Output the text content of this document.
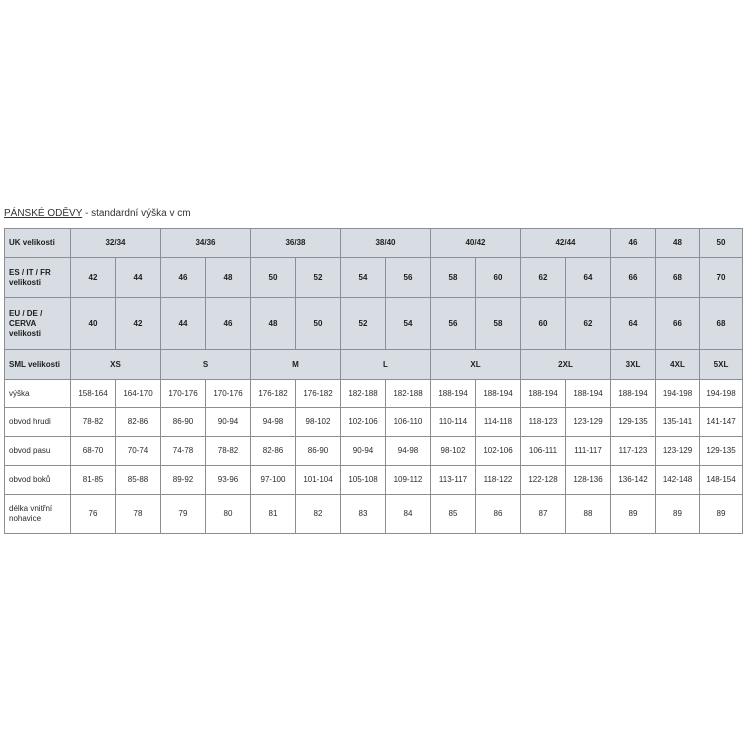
PÁNSKÉ ODĚVY - standardní výška v cm
UK velikosti	32/34		34/36		36/38		38/40		40/42		42/44		46	48	50
ES / IT / FR velikosti	42	44	46	48	50	52	54	56	58	60	62	64	66	68	70
EU / DE / CERVA velikosti	40	42	44	46	48	50	52	54	56	58	60	62	64	66	68
SML velikosti	XS		S		M		L		XL		2XL		3XL	4XL	5XL
výška	158-164	164-170	170-176	170-176	176-182	176-182	182-188	182-188	188-194	188-194	188-194	188-194	188-194	194-198	194-198
obvod hrudi	78-82	82-86	86-90	90-94	94-98	98-102	102-106	106-110	110-114	114-118	118-123	123-129	129-135	135-141	141-147
obvod pasu	68-70	70-74	74-78	78-82	82-86	86-90	90-94	94-98	98-102	102-106	106-111	111-117	117-123	123-129	129-135
obvod boků	81-85	85-88	89-92	93-96	97-100	101-104	105-108	109-112	113-117	118-122	122-128	128-136	136-142	142-148	148-154
délka vnitřní nohavice	76	78	79	80	81	82	83	84	85	86	87	88	89	89	89
